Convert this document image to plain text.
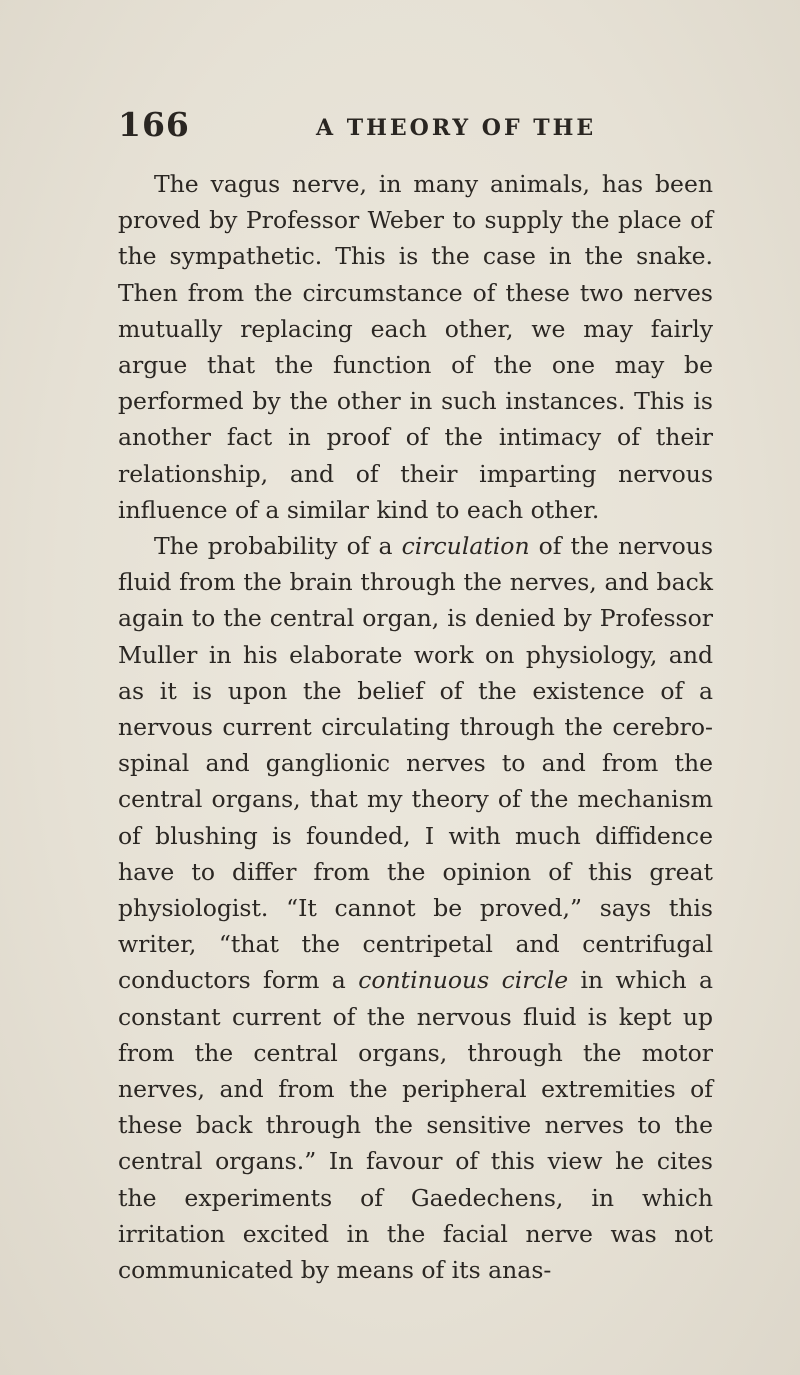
166	A THEORY OF THE

The vagus nerve, in many animals, has been proved by Professor Weber to supply the place of the sympathetic. This is the case in the snake. Then from the circumstance of these two nerves mutually replacing each other, we may fairly argue that the function of the one may be performed by the other in such instances. This is another fact in proof of the intimacy of their relationship, and of their imparting nervous influence of a similar kind to each other.

The probability of a circulation of the nervous fluid from the brain through the nerves, and back again to the central organ, is denied by Professor Muller in his elaborate work on physiology, and as it is upon the belief of the existence of a nervous current circulating through the cerebro-spinal and ganglionic nerves to and from the central organs, that my theory of the mechanism of blushing is founded, I with much diffidence have to differ from the opinion of this great physiologist. “It cannot be proved,” says this writer, “that the centripetal and centrifugal conductors form a continuous circle in which a constant current of the nervous fluid is kept up from the central organs, through the motor nerves, and from the peripheral extremities of these back through the sensitive nerves to the central organs.” In favour of this view he cites the experiments of Gaedechens, in which irritation excited in the facial nerve was not communicated by means of its anas-
